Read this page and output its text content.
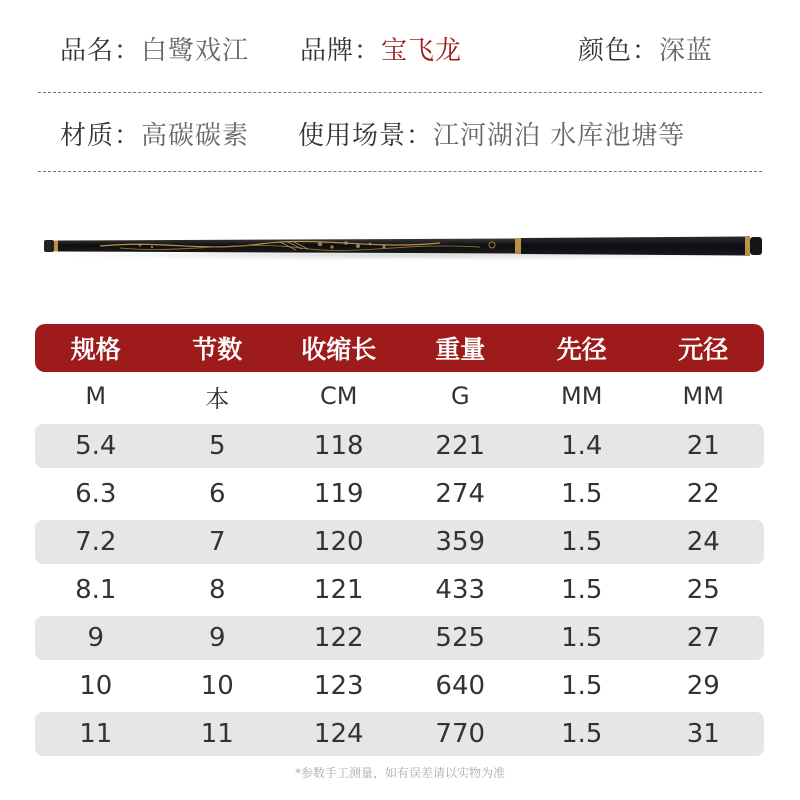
品名：白鹭戏江 品牌：宝飞龙	颜色：深蓝
材质：高碳碳素 使用场景：江河湖泊 水库池塘等
规格	节数	收缩长	重量	先径	元径
M	本	CM	G	MM	MM
5.4	5	118	221	1.4	21
6.3	6	119	274	1.5	22
7.2	7	120	359	1.5	24
8.1	8	121	433	1.5	25
9	9	122	525	1.5	27
10	10	123	640	1.5	29
11	11	124	770	1.5	31
*参数手工测量，如有误差请以实物为准
